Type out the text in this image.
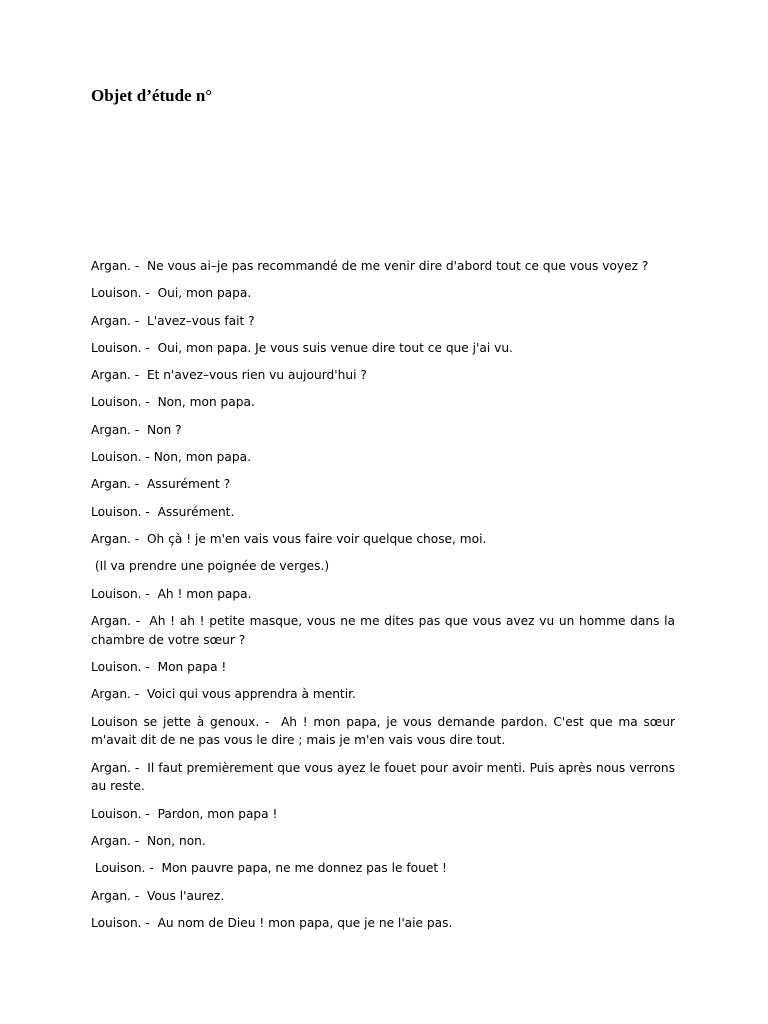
Objet d’étude n°

Argan. -  Ne vous ai–je pas recommandé de me venir dire d'abord tout ce que vous voyez ?

Louison. -  Oui, mon papa.

Argan. -  L'avez–vous fait ?

Louison. -  Oui, mon papa. Je vous suis venue dire tout ce que j'ai vu.

Argan. -  Et n'avez–vous rien vu aujourd'hui ?

Louison. -  Non, mon papa.

Argan. -  Non ?

Louison. - Non, mon papa.

Argan. -  Assurément ?

Louison. -  Assurément.

Argan. -  Oh çà ! je m'en vais vous faire voir quelque chose, moi.

(Il va prendre une poignée de verges.)

Louison. -  Ah ! mon papa.

Argan. -  Ah ! ah ! petite masque, vous ne me dites pas que vous avez vu un homme dans la chambre de votre sœur ?

Louison. -  Mon papa !

Argan. -  Voici qui vous apprendra à mentir.

Louison se jette à genoux. -  Ah ! mon papa, je vous demande pardon. C'est que ma sœur m'avait dit de ne pas vous le dire ; mais je m'en vais vous dire tout.

Argan. -  Il faut premièrement que vous ayez le fouet pour avoir menti. Puis après nous verrons au reste.

Louison. -  Pardon, mon papa !

Argan. -  Non, non.

Louison. -  Mon pauvre papa, ne me donnez pas le fouet !

Argan. -  Vous l'aurez.

Louison. -  Au nom de Dieu ! mon papa, que je ne l'aie pas.
